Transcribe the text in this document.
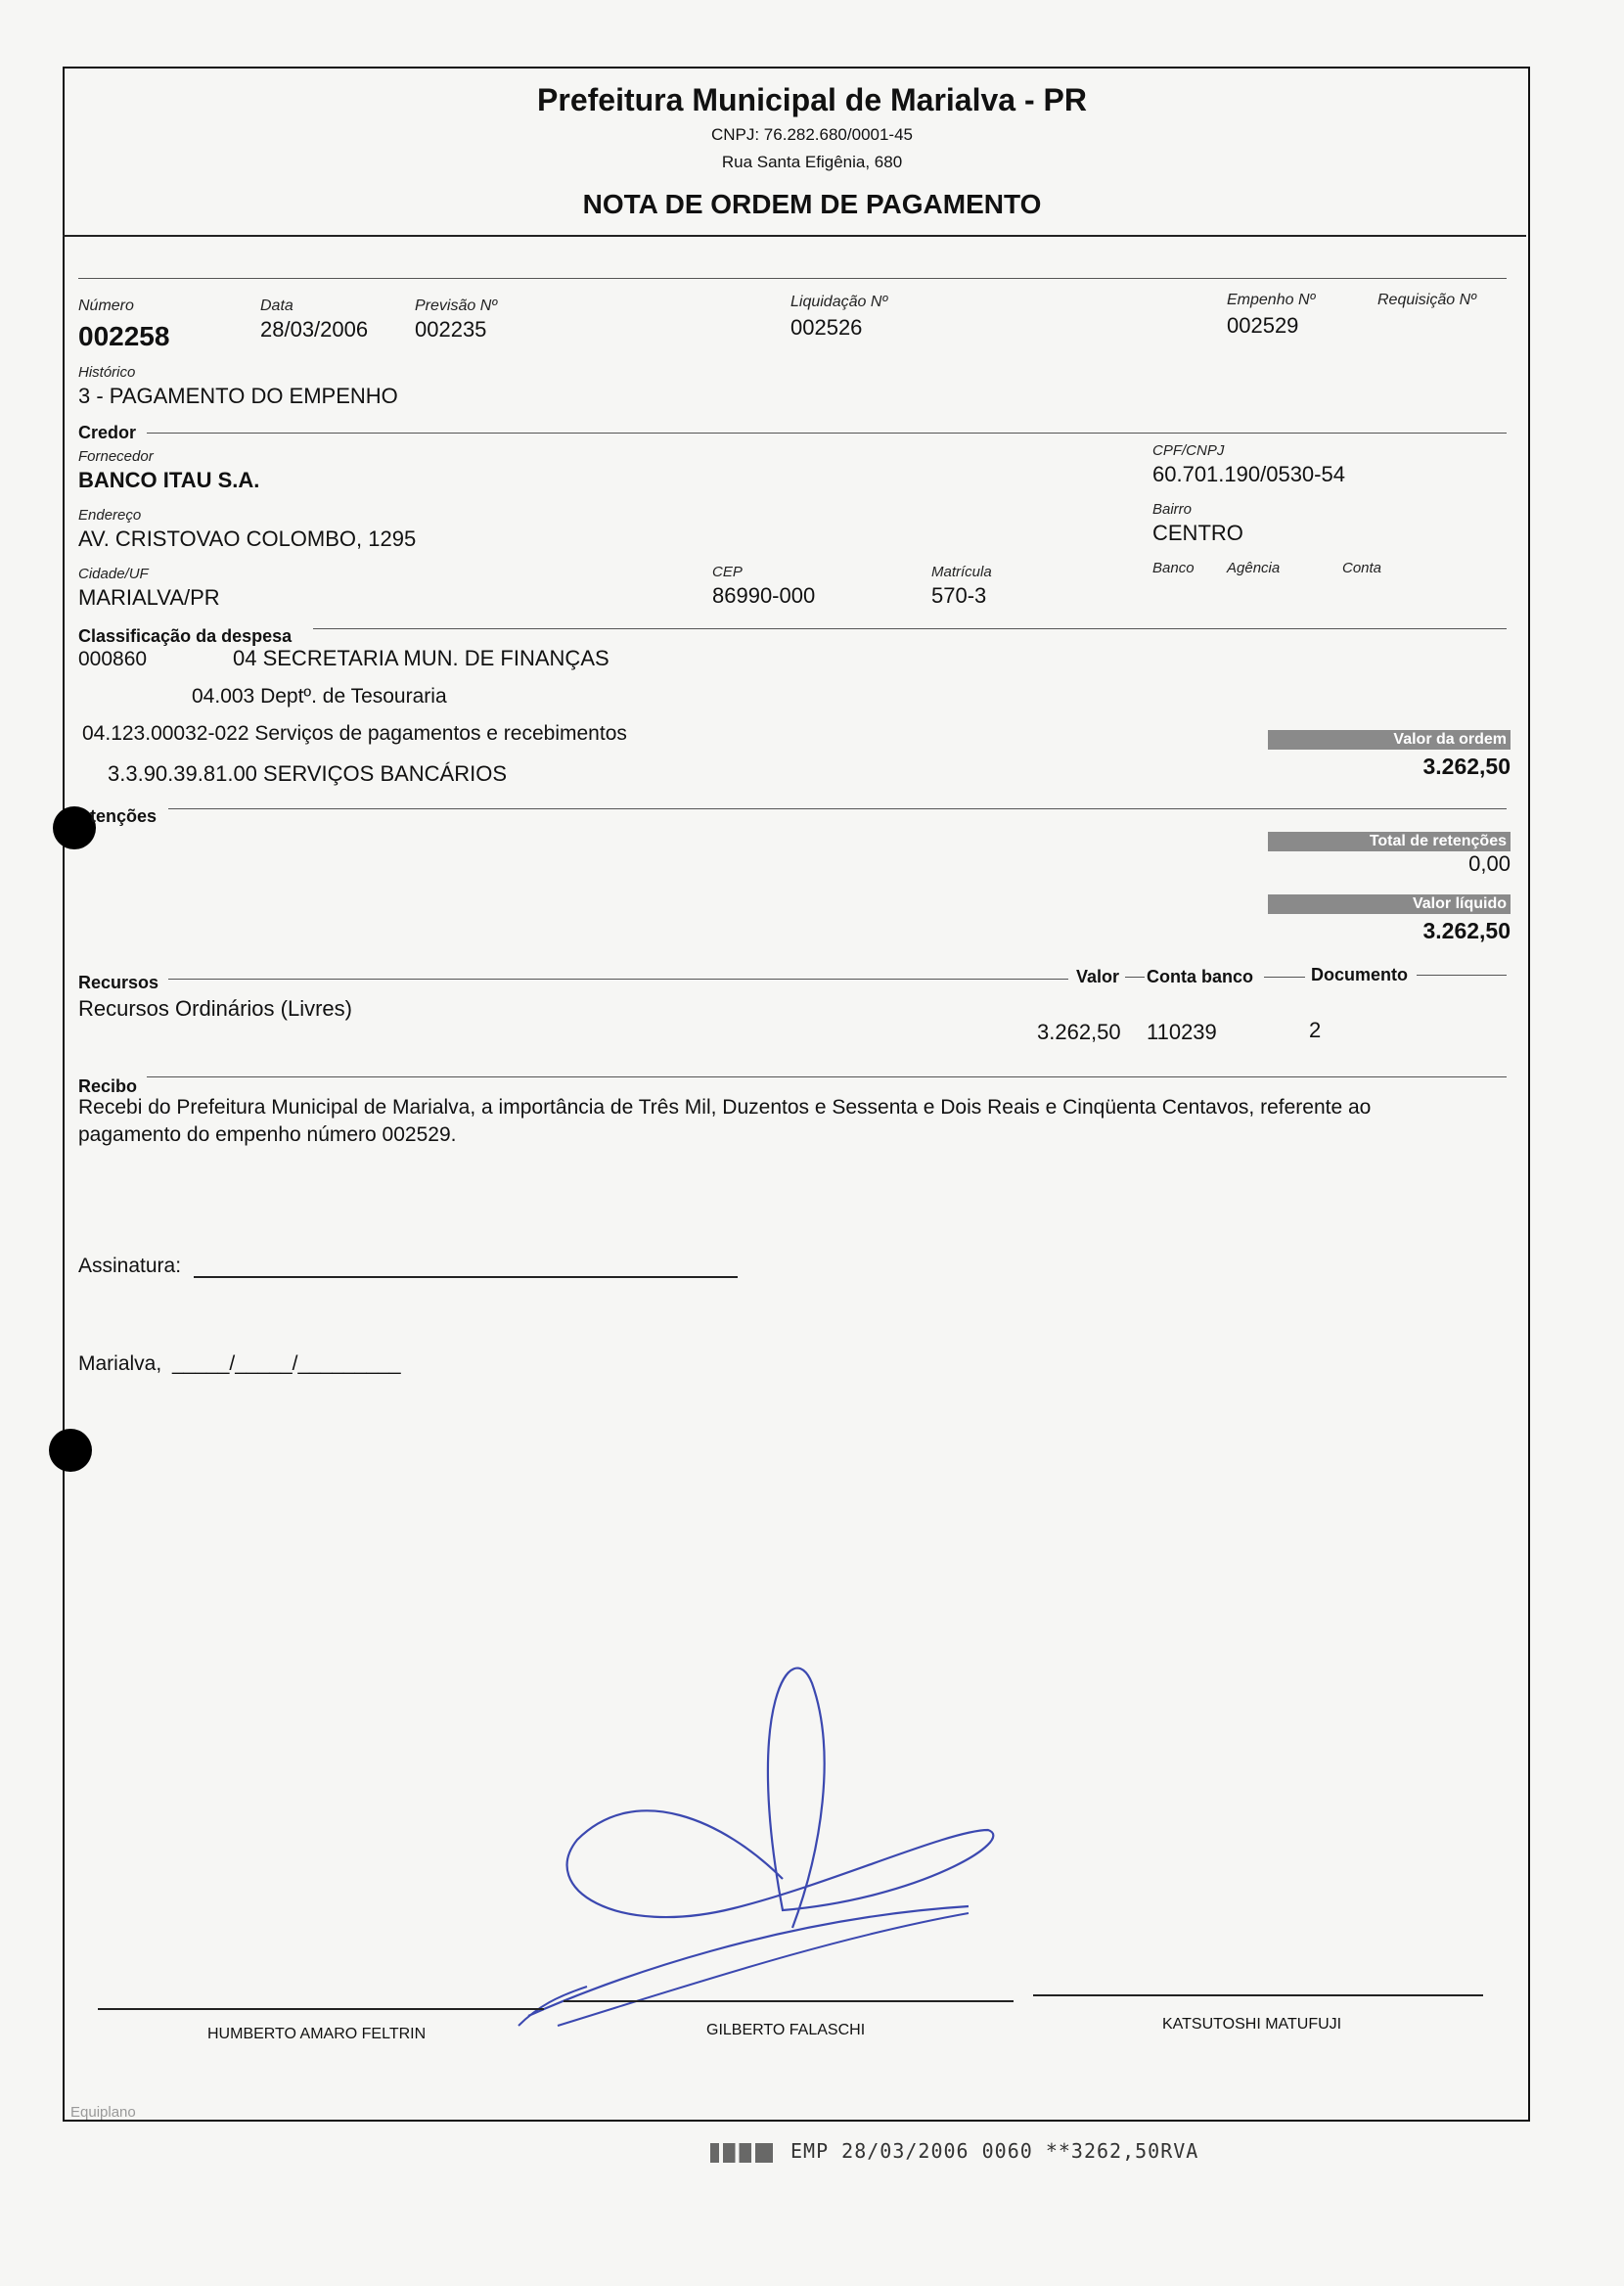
Prefeitura Municipal de Marialva - PR
CNPJ: 76.282.680/0001-45
Rua Santa Efigênia, 680
NOTA DE ORDEM DE PAGAMENTO
Número
002258
Data
28/03/2006
Previsão Nº
002235
Liquidação Nº
002526
Empenho Nº
002529
Requisição Nº
Histórico
3 - PAGAMENTO DO EMPENHO
Credor
Fornecedor
BANCO ITAU S.A.
CPF/CNPJ
60.701.190/0530-54
Endereço
AV. CRISTOVAO COLOMBO, 1295
Bairro
CENTRO
Cidade/UF
MARIALVA/PR
CEP
86990-000
Matrícula
570-3
Banco Agência	Conta
Classificação da despesa
000860	04 SECRETARIA MUN. DE FINANÇAS
04.003 Deptº. de Tesouraria
04.123.00032-022 Serviços de pagamentos e recebimentos
3.3.90.39.81.00 SERVIÇOS BANCÁRIOS
Valor da ordem
3.262,50
tenções
Total de retenções
0,00
Valor líquido
3.262,50
Recursos	Valor Conta banco	Documento
Recursos Ordinários (Livres)
3.262,50 110239	2
Recibo
Recebi do Prefeitura Municipal de Marialva, a importância de Três Mil, Duzentos e Sessenta e Dois Reais e Cinqüenta Centavos, referente ao
pagamento do empenho número 002529.
Assinatura:
Marialva, _____/_____/_________
HUMBERTO AMARO FELTRIN	GILBERTO FALASCHI	KATSUTOSHI MATUFUJI
Equiplano
EMP 28/03/2006 0060 **3262,50RVA
